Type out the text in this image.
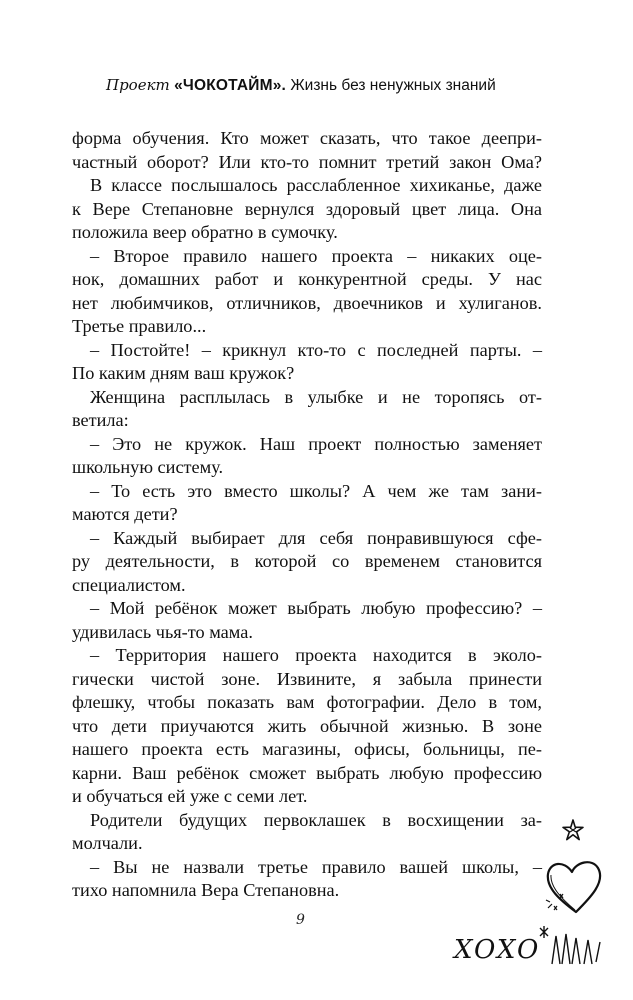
Проект «ЧОКОТАЙМ». Жизнь без ненужных знаний
форма обучения. Кто может сказать, что такое деепри-
частный оборот? Или кто-то помнит третий закон Ома?
В классе послышалось расслабленное хихиканье, даже
к Вере Степановне вернулся здоровый цвет лица. Она
положила веер обратно в сумочку.
– Второе правило нашего проекта – никаких оце-
нок, домашних работ и конкурентной среды. У нас
нет любимчиков, отличников, двоечников и хулиганов.
Третье правило...
– Постойте! – крикнул кто-то с последней парты. –
По каким дням ваш кружок?
Женщина расплылась в улыбке и не торопясь от-
ветила:
– Это не кружок. Наш проект полностью заменяет
школьную систему.
– То есть это вместо школы? А чем же там зани-
маются дети?
– Каждый выбирает для себя понравившуюся сфе-
ру деятельности, в которой со временем становится
специалистом.
– Мой ребёнок может выбрать любую профессию? –
удивилась чья-то мама.
– Территория нашего проекта находится в эколо-
гически чистой зоне. Извините, я забыла принести
флешку, чтобы показать вам фотографии. Дело в том,
что дети приучаются жить обычной жизнью. В зоне
нашего проекта есть магазины, офисы, больницы, пе-
карни. Ваш ребёнок сможет выбрать любую профессию
и обучаться ей уже с семи лет.
Родители будущих первоклашек в восхищении за-
молчали.
– Вы не назвали третье правило вашей школы, –
тихо напомнила Вера Степановна.
9
XOXO
